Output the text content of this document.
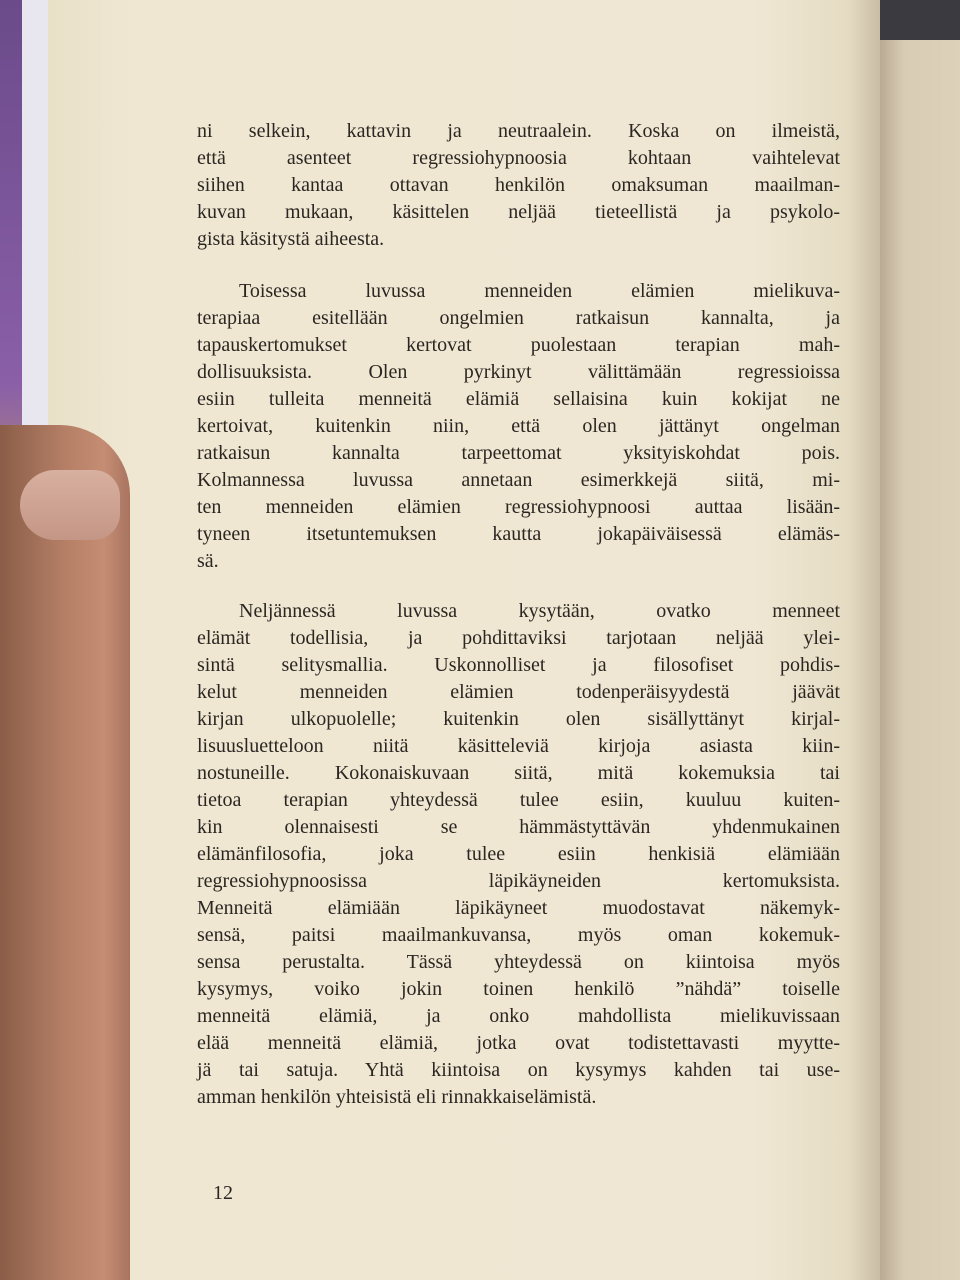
ni selkein, kattavin ja neutraalein. Koska on ilmeistä,
että asenteet regressiohypnoosia kohtaan vaihtelevat
siihen kantaa ottavan henkilön omaksuman maailman-
kuvan mukaan, käsittelen neljää tieteellistä ja psykolo-
gista käsitystä aiheesta.
Toisessa luvussa menneiden elämien mielikuva-
terapiaa esitellään ongelmien ratkaisun kannalta, ja
tapauskertomukset kertovat puolestaan terapian mah-
dollisuuksista. Olen pyrkinyt välittämään regressioissa
esiin tulleita menneitä elämiä sellaisina kuin kokijat ne
kertoivat, kuitenkin niin, että olen jättänyt ongelman
ratkaisun kannalta tarpeettomat yksityiskohdat pois.
Kolmannessa luvussa annetaan esimerkkejä siitä, mi-
ten menneiden elämien regressiohypnoosi auttaa lisään-
tyneen itsetuntemuksen kautta jokapäiväisessä elämäs-
sä.
Neljännessä luvussa kysytään, ovatko menneet
elämät todellisia, ja pohdittaviksi tarjotaan neljää ylei-
sintä selitysmallia. Uskonnolliset ja filosofiset pohdis-
kelut menneiden elämien todenperäisyydestä jäävät
kirjan ulkopuolelle; kuitenkin olen sisällyttänyt kirjal-
lisuusluetteloon niitä käsitteleviä kirjoja asiasta kiin-
nostuneille. Kokonaiskuvaan siitä, mitä kokemuksia tai
tietoa terapian yhteydessä tulee esiin, kuuluu kuiten-
kin olennaisesti se hämmästyttävän yhdenmukainen
elämänfilosofia, joka tulee esiin henkisiä elämiään
regressiohypnoosissa läpikäyneiden kertomuksista.
Menneitä elämiään läpikäyneet muodostavat näkemyk-
sensä, paitsi maailmankuvansa, myös oman kokemuk-
sensa perustalta. Tässä yhteydessä on kiintoisa myös
kysymys, voiko jokin toinen henkilö ”nähdä” toiselle
menneitä elämiä, ja onko mahdollista mielikuvissaan
elää menneitä elämiä, jotka ovat todistettavasti myytte-
jä tai satuja. Yhtä kiintoisa on kysymys kahden tai use-
amman henkilön yhteisistä eli rinnakkaiselämistä.
12
